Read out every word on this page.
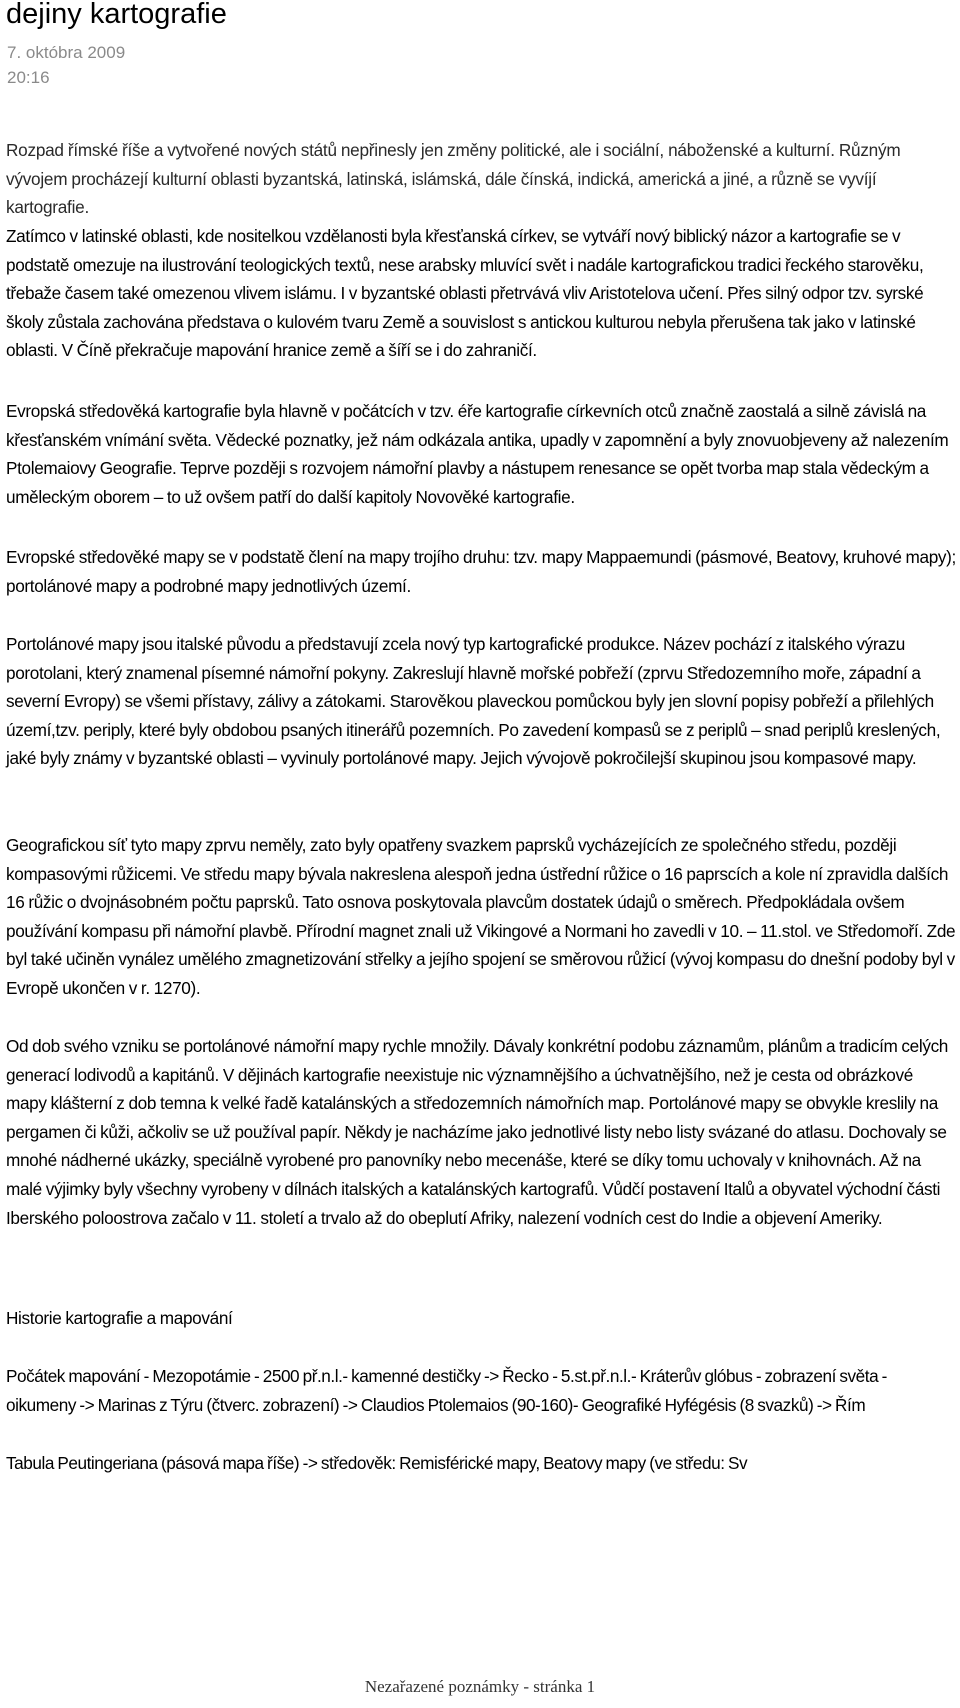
dejiny kartografie
7. októbra 2009
20:16

Rozpad římské říše a vytvořené nových států nepřinesly jen změny politické, ale i sociální, náboženské a kulturní. Různým vývojem procházejí kulturní oblasti byzantská, latinská, islámská, dále čínská, indická, americká a jiné, a různě se vyvíjí kartografie.

Zatímco v latinské oblasti, kde nositelkou vzdělanosti byla křesťanská církev, se vytváří nový biblický názor a kartografie se v podstatě omezuje na ilustrování teologických textů, nese arabsky mluvící svět i nadále kartografickou tradici řeckého starověku, třebaže časem také omezenou vlivem islámu. I v byzantské oblasti přetrvává vliv Aristotelova učení. Přes silný odpor tzv. syrské školy zůstala zachována představa o kulovém tvaru Země a souvislost s antickou kulturou nebyla přerušena tak jako v latinské oblasti. V Číně překračuje mapování hranice země a šíří se i do zahraničí.

Evropská středověká kartografie byla hlavně v počátcích v tzv. éře kartografie církevních otců značně zaostalá a silně závislá na křesťanském vnímání světa. Vědecké poznatky, jež nám odkázala antika, upadly v zapomnění a byly znovuobjeveny až nalezením Ptolemaiovy Geografie. Teprve později s rozvojem námořní plavby a nástupem renesance se opět tvorba map stala vědeckým a uměleckým oborem – to už ovšem patří do další kapitoly Novověké kartografie.

Evropské středověké mapy se v podstatě člení na mapy trojího druhu: tzv. mapy Mappaemundi (pásmové, Beatovy, kruhové mapy); portolánové mapy a podrobné mapy jednotlivých území.

Portolánové mapy jsou italské původu a představují zcela nový typ kartografické produkce. Název pochází z italského výrazu porotolani, který znamenal písemné námořní pokyny. Zakreslují hlavně mořské pobřeží (zprvu Středozemního moře, západní a severní Evropy) se všemi přístavy, zálivy a zátokami. Starověkou plaveckou pomůckou byly jen slovní popisy pobřeží a přilehlých území,tzv. periply, které byly obdobou psaných itinerářů pozemních. Po zavedení kompasů se z periplů – snad periplů kreslených, jaké byly známy v byzantské oblasti – vyvinuly portolánové mapy. Jejich vývojově pokročilejší skupinou jsou kompasové mapy.

Geografickou síť tyto mapy zprvu neměly, zato byly opatřeny svazkem paprsků vycházejících ze společného středu, později kompasovými růžicemi. Ve středu mapy bývala nakreslena alespoň jedna ústřední růžice o 16 paprscích a kole ní zpravidla dalších 16 růžic o dvojnásobném počtu paprsků. Tato osnova poskytovala plavcům dostatek údajů o směrech. Předpokládala ovšem používání kompasu při námořní plavbě. Přírodní magnet znali už Vikingové a Normani ho zavedli v 10. – 11.stol. ve Středomoří. Zde byl také učiněn vynález umělého zmagnetizování střelky a jejího spojení se směrovou růžicí (vývoj kompasu do dnešní podoby byl v Evropě ukončen v r. 1270).

Od dob svého vzniku se portolánové námořní mapy rychle množily. Dávaly konkrétní podobu záznamům, plánům a tradicím celých generací lodivodů a kapitánů. V dějinách kartografie neexistuje nic významnějšího a úchvatnějšího, než je cesta od obrázkové mapy klášterní z dob temna k velké řadě katalánských a středozemních námořních map. Portolánové mapy se obvykle kreslily na pergamen či kůži, ačkoliv se už používal papír. Někdy je nacházíme jako jednotlivé listy nebo listy svázané do atlasu. Dochovaly se mnohé nádherné ukázky, speciálně vyrobené pro panovníky nebo mecenáše, které se díky tomu uchovaly v knihovnách. Až na malé výjimky byly všechny vyrobeny v dílnách italských a katalánských kartografů. Vůdčí postavení Italů a obyvatel východní části Iberského poloostrova začalo v 11. století a trvalo až do obeplutí Afriky, nalezení vodních cest do Indie a objevení Ameriky.

Historie kartografie a mapování

Počátek mapování - Mezopotámie - 2500 př.n.l.- kamenné destičky -> Řecko - 5.st.př.n.l.- Kráterův glóbus - zobrazení světa - oikumeny -> Marinas z Týru (čtverc. zobrazení) -> Claudios Ptolemaios (90-160)- Geografiké Hyfégésis (8 svazků) -> Řím

Tabula Peutingeriana (pásová mapa říše) -> středověk: Remisférické mapy, Beatovy mapy (ve středu: Sv

Nezařazené poznámky - stránka 1
